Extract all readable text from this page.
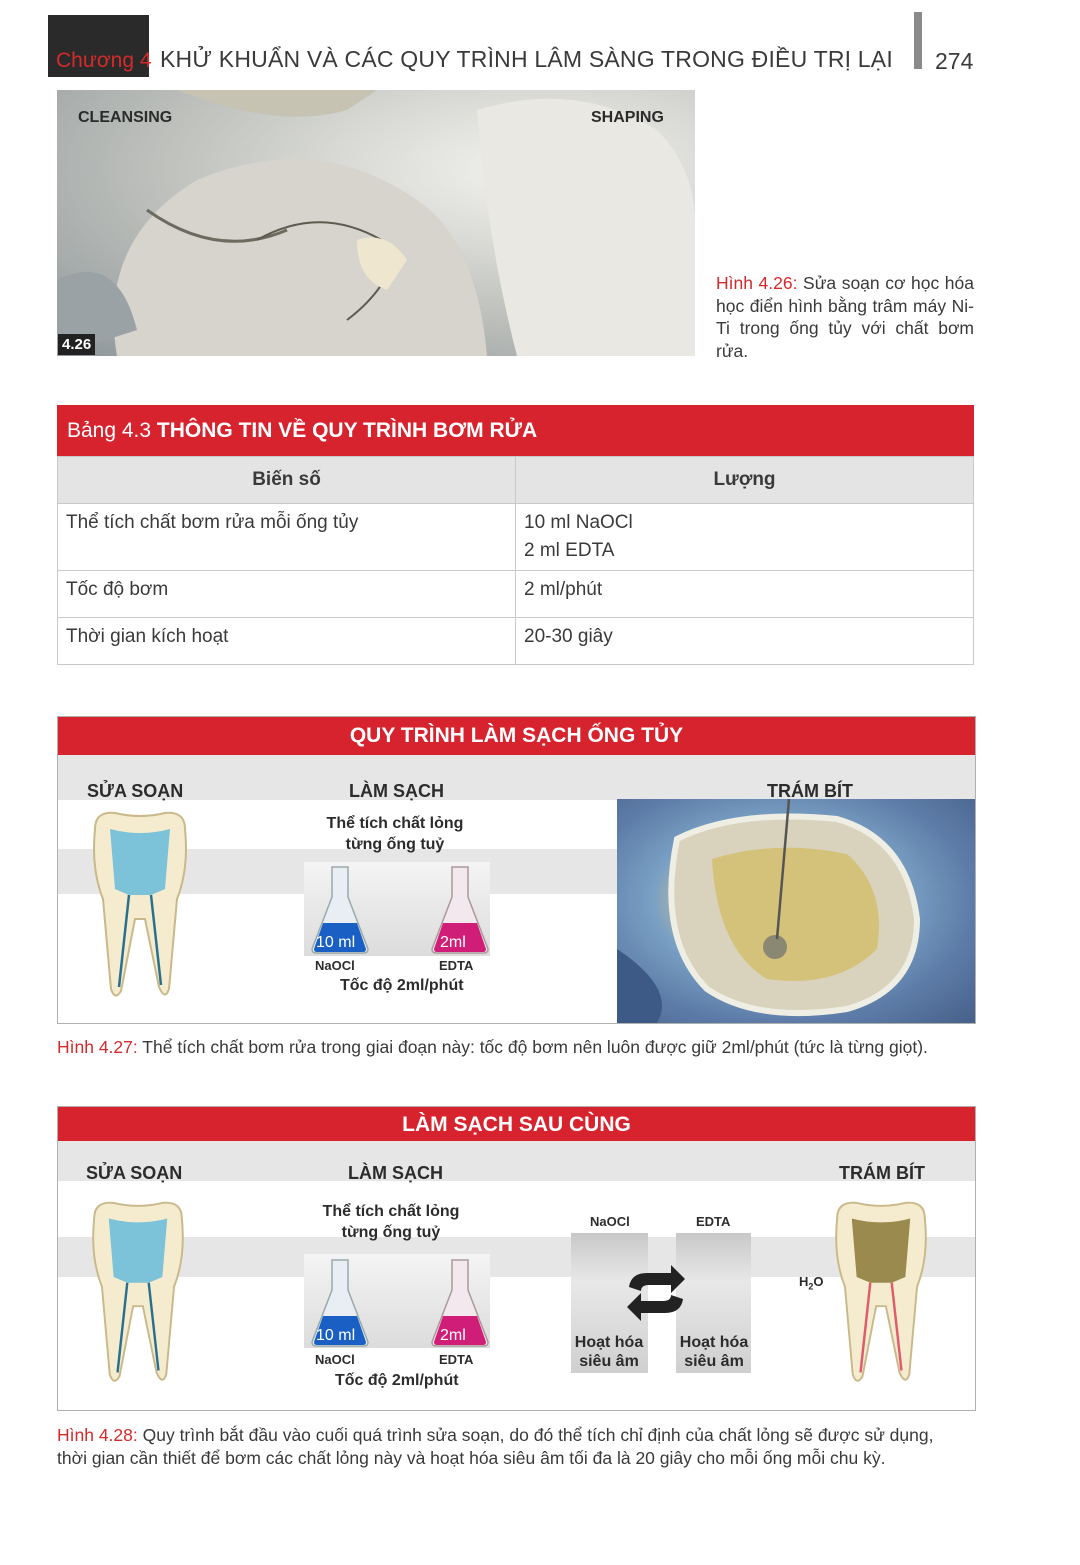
Chương 4 KHỬ KHUẨN VÀ CÁC QUY TRÌNH LÂM SÀNG TRONG ĐIỀU TRỊ LẠI 274
CLEANSING	SHAPING
4.26
Hình 4.26: Sửa soạn cơ học hóa học điển hình bằng trâm máy Ni-Ti trong ống tủy với chất bơm rửa.
Bảng 4.3 THÔNG TIN VỀ QUY TRÌNH BƠM RỬA
Biến số	Lượng
Thể tích chất bơm rửa mỗi ống tủy	10 ml NaOCl
2 ml EDTA

Tốc độ bơm	2 ml/phút
Thời gian kích hoạt	20-30 giây
QUY TRÌNH LÀM SẠCH ỐNG TỦY
SỬA SOẠN	LÀM SẠCH
Thể tích chất lỏng
từng ống tuỷ
10 ml
NaOCl
2ml
EDTA
Tốc độ 2ml/phút
TRÁM BÍT
Hình 4.27: Thể tích chất bơm rửa trong giai đoạn này: tốc độ bơm nên luôn được giữ 2ml/phút (tức là từng giọt).
LÀM SẠCH SAU CÙNG
SỬA SOẠN	LÀM SẠCH
Thể tích chất lỏng
từng ống tuỷ
10 ml
NaOCl
2ml
EDTA
Tốc độ 2ml/phút
NaOCl	EDTA
Hoạt hóa
siêu âm
Hoạt hóa
siêu âm
$H_2O$
TRÁM BÍT
Hình 4.28: Quy trình bắt đầu vào cuối quá trình sửa soạn, do đó thể tích chỉ định của chất lỏng sẽ được sử dụng,
thời gian cần thiết để bơm các chất lỏng này và hoạt hóa siêu âm tối đa là 20 giây cho mỗi ống mỗi chu kỳ.
